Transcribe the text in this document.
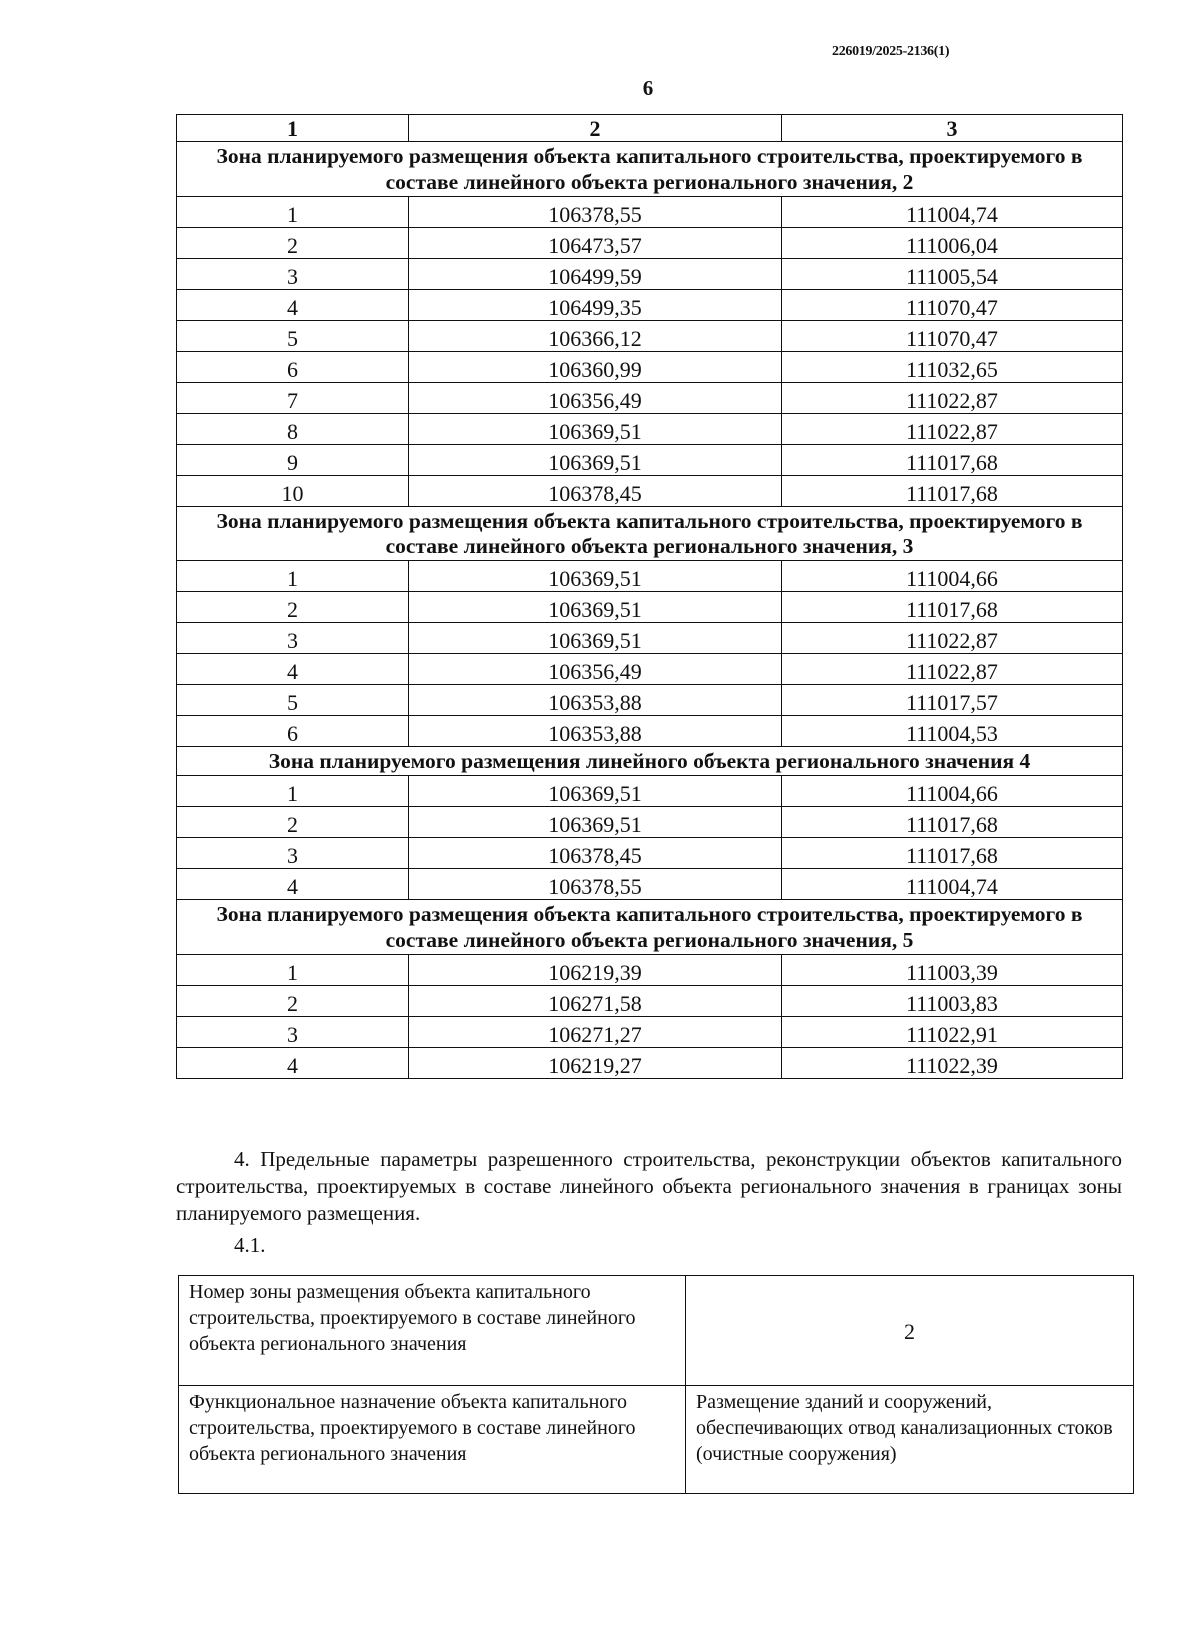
226019/2025-2136(1)
6
1	2	3
Зона планируемого размещения объекта капитального строительства, проектируемого в составе линейного объекта регионального значения, 2		
1	106378,55	111004,74
2	106473,57	111006,04
3	106499,59	111005,54
4	106499,35	111070,47
5	106366,12	111070,47
6	106360,99	111032,65
7	106356,49	111022,87
8	106369,51	111022,87
9	106369,51	111017,68
10	106378,45	111017,68
Зона планируемого размещения объекта капитального строительства, проектируемого в составе линейного объекта регионального значения, 3		
1	106369,51	111004,66
2	106369,51	111017,68
3	106369,51	111022,87
4	106356,49	111022,87
5	106353,88	111017,57
6	106353,88	111004,53
Зона планируемого размещения линейного объекта регионального значения 4		
1	106369,51	111004,66
2	106369,51	111017,68
3	106378,45	111017,68
4	106378,55	111004,74
Зона планируемого размещения объекта капитального строительства, проектируемого в составе линейного объекта регионального значения, 5		
1	106219,39	111003,39
2	106271,58	111003,83
3	106271,27	111022,91
4	106219,27	111022,39
4. Предельные параметры разрешенного строительства, реконструкции объектов капитального строительства, проектируемых в составе линейного объекта регионального значения в границах зоны планируемого размещения.
4.1.
Номер зоны размещения объекта капитального строительства, проектируемого в составе линейного объекта регионального значения	2
Функциональное назначение объекта капитального строительства, проектируемого в составе линейного объекта регионального значения	Размещение зданий и сооружений, обеспечивающих отвод канализационных стоков (очистные сооружения)
